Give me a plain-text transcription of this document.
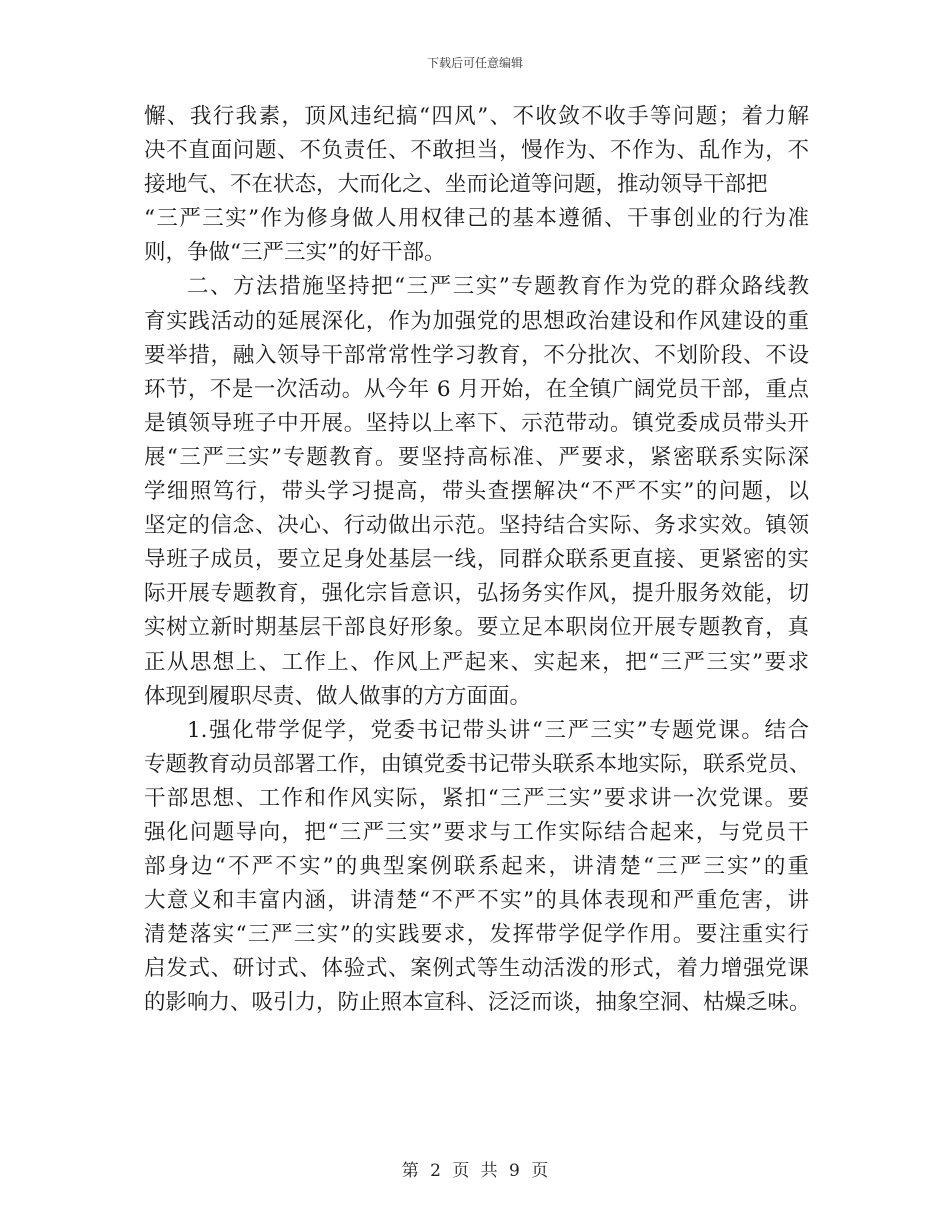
下载后可任意编辑
懈、我行我素，顶风违纪搞“四风”、不收敛不收手等问题；着力解
决不直面问题、不负责任、不敢担当，慢作为、不作为、乱作为，不
接地气、不在状态，大而化之、坐而论道等问题，推动领导干部把
“三严三实”作为修身做人用权律己的基本遵循、干事创业的行为准
则，争做“三严三实”的好干部。
二、方法措施坚持把“三严三实”专题教育作为党的群众路线教
育实践活动的延展深化，作为加强党的思想政治建设和作风建设的重
要举措，融入领导干部常常性学习教育，不分批次、不划阶段、不设
环节，不是一次活动。从今年 6 月开始，在全镇广阔党员干部，重点
是镇领导班子中开展。坚持以上率下、示范带动。镇党委成员带头开
展“三严三实”专题教育。要坚持高标准、严要求，紧密联系实际深
学细照笃行，带头学习提高，带头查摆解决“不严不实”的问题，以
坚定的信念、决心、行动做出示范。坚持结合实际、务求实效。镇领
导班子成员，要立足身处基层一线，同群众联系更直接、更紧密的实
际开展专题教育，强化宗旨意识，弘扬务实作风，提升服务效能，切
实树立新时期基层干部良好形象。要立足本职岗位开展专题教育，真
正从思想上、工作上、作风上严起来、实起来，把“三严三实”要求
体现到履职尽责、做人做事的方方面面。
1.强化带学促学，党委书记带头讲“三严三实”专题党课。结合
专题教育动员部署工作，由镇党委书记带头联系本地实际，联系党员、
干部思想、工作和作风实际，紧扣“三严三实”要求讲一次党课。要
强化问题导向，把“三严三实”要求与工作实际结合起来，与党员干
部身边“不严不实”的典型案例联系起来，讲清楚“三严三实”的重
大意义和丰富内涵，讲清楚“不严不实”的具体表现和严重危害，讲
清楚落实“三严三实”的实践要求，发挥带学促学作用。要注重实行
启发式、研讨式、体验式、案例式等生动活泼的形式，着力增强党课
的影响力、吸引力，防止照本宣科、泛泛而谈，抽象空洞、枯燥乏味。
第 2 页 共 9 页
